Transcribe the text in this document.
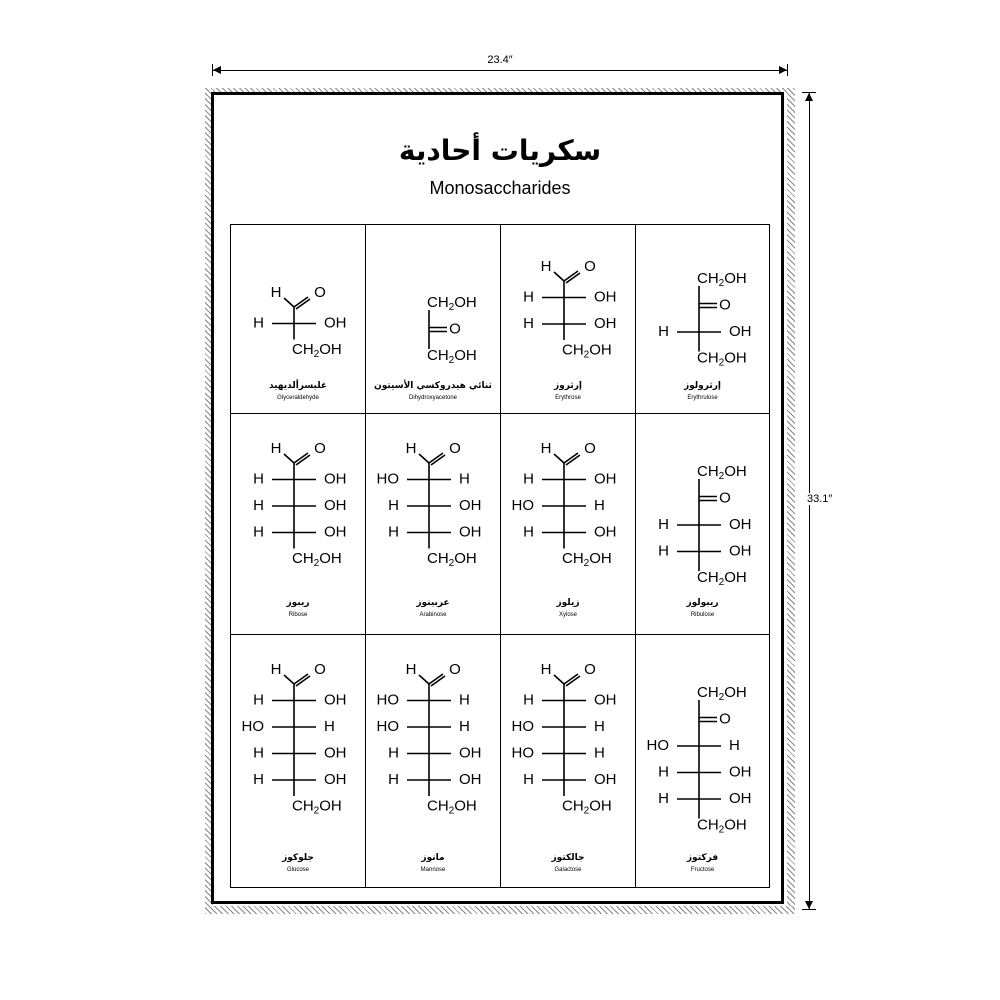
23.4″
33.1″
سكريات أحادية
Monosaccharides
H O
H	OH
$CH_2OH$
غليسرألديهيد
Glyceraldehyde
$CH_2OH$
O
$CH_2OH$
ثنائي هيدروكسي الأسيتون
Dihydroxyacetone
H O
H	OH
H	OH
$CH_2OH$
إرثروز
Erythrose
$CH_2OH$
O
H	OH
$CH_2OH$
إرثرولوز
Erythrulose
H O
H	OH
H	OH
H	OH
$CH_2OH$
ريبوز
Ribose
H O
HO	H
H	OH
H	OH
$CH_2OH$
عربينوز
Arabinose
H O
H	OH
HO	H
H	OH
$CH_2OH$
زيلوز
Xylose
$CH_2OH$
O
H	OH
H	OH
$CH_2OH$
ريبولوز
Ribulose
H O
H	OH
HO	H
H	OH
H	OH
$CH_2OH$
جلوكوز
Glucose
H O
HO	H
HO	H
H	OH
H	OH
$CH_2OH$
مانوز
Mannose
H O
H	OH
HO	H
HO	H
H	OH
$CH_2OH$
جالكتوز
Galactose
$CH_2OH$
O
HO	H
H	OH
H	OH
$CH_2OH$
فركتوز
Fructose
